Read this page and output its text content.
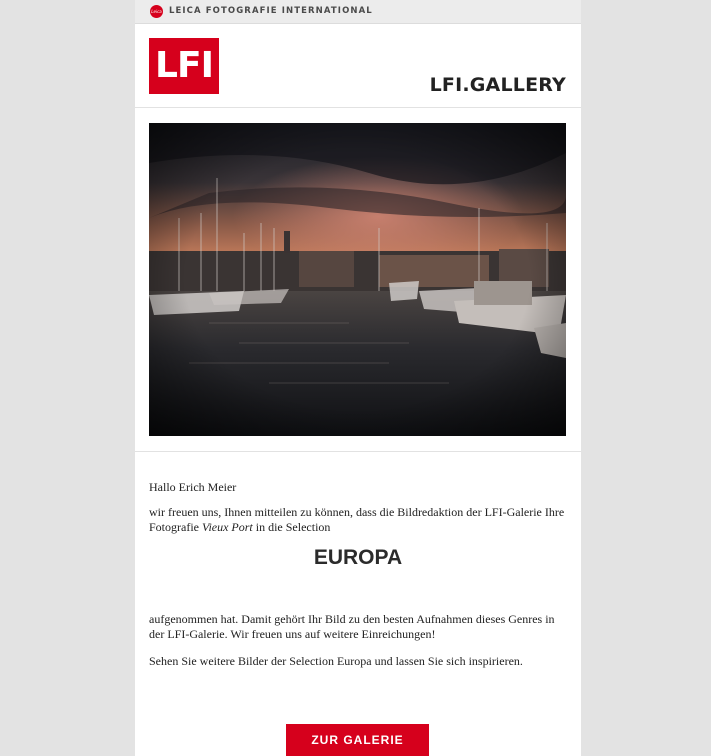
Leica LEICA FOTOGRAFIE INTERNATIONAL
LFI	LFI.GALLERY
Hallo Erich Meier
wir freuen uns, Ihnen mitteilen zu können, dass die Bildredaktion der LFI-Galerie Ihre Fotografie Vieux Port in die Selection
EUROPA
aufgenommen hat. Damit gehört Ihr Bild zu den besten Aufnahmen dieses Genres in der LFI-Galerie. Wir freuen uns auf weitere Einreichungen!
Sehen Sie weitere Bilder der Selection Europa und lassen Sie sich inspirieren.
ZUR GALERIE
